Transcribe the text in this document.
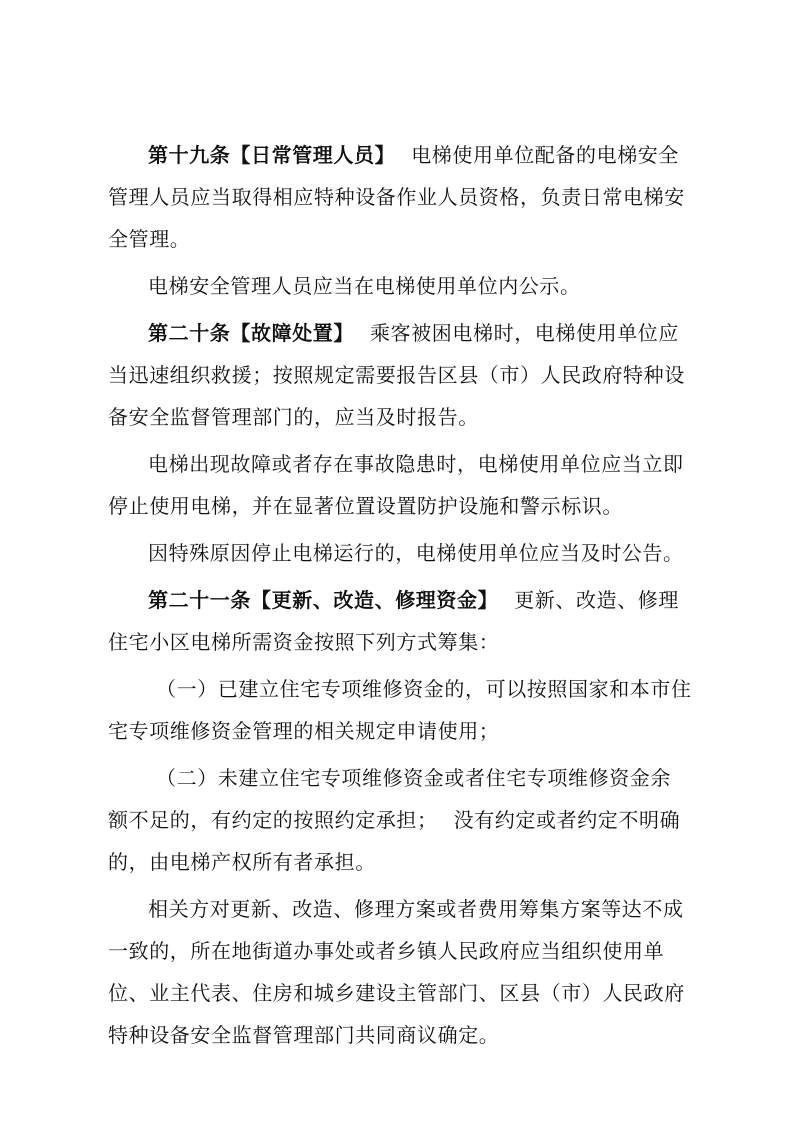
第十九条【日常管理人员】 电梯使用单位配备的电梯安全
管理人员应当取得相应特种设备作业人员资格，负责日常电梯安
全管理。
电梯安全管理人员应当在电梯使用单位内公示。
第二十条【故障处置】 乘客被困电梯时，电梯使用单位应
当迅速组织救援；按照规定需要报告区县（市）人民政府特种设
备安全监督管理部门的，应当及时报告。
电梯出现故障或者存在事故隐患时，电梯使用单位应当立即
停止使用电梯，并在显著位置设置防护设施和警示标识。
因特殊原因停止电梯运行的，电梯使用单位应当及时公告。
第二十一条【更新、改造、修理资金】 更新、改造、修理
住宅小区电梯所需资金按照下列方式筹集：
（一）已建立住宅专项维修资金的，可以按照国家和本市住
宅专项维修资金管理的相关规定申请使用；
（二）未建立住宅专项维修资金或者住宅专项维修资金余
额不足的，有约定的按照约定承担； 没有约定或者约定不明确
的，由电梯产权所有者承担。
相关方对更新、改造、修理方案或者费用筹集方案等达不成
一致的，所在地街道办事处或者乡镇人民政府应当组织使用单
位、业主代表、住房和城乡建设主管部门、区县（市）人民政府
特种设备安全监督管理部门共同商议确定。
